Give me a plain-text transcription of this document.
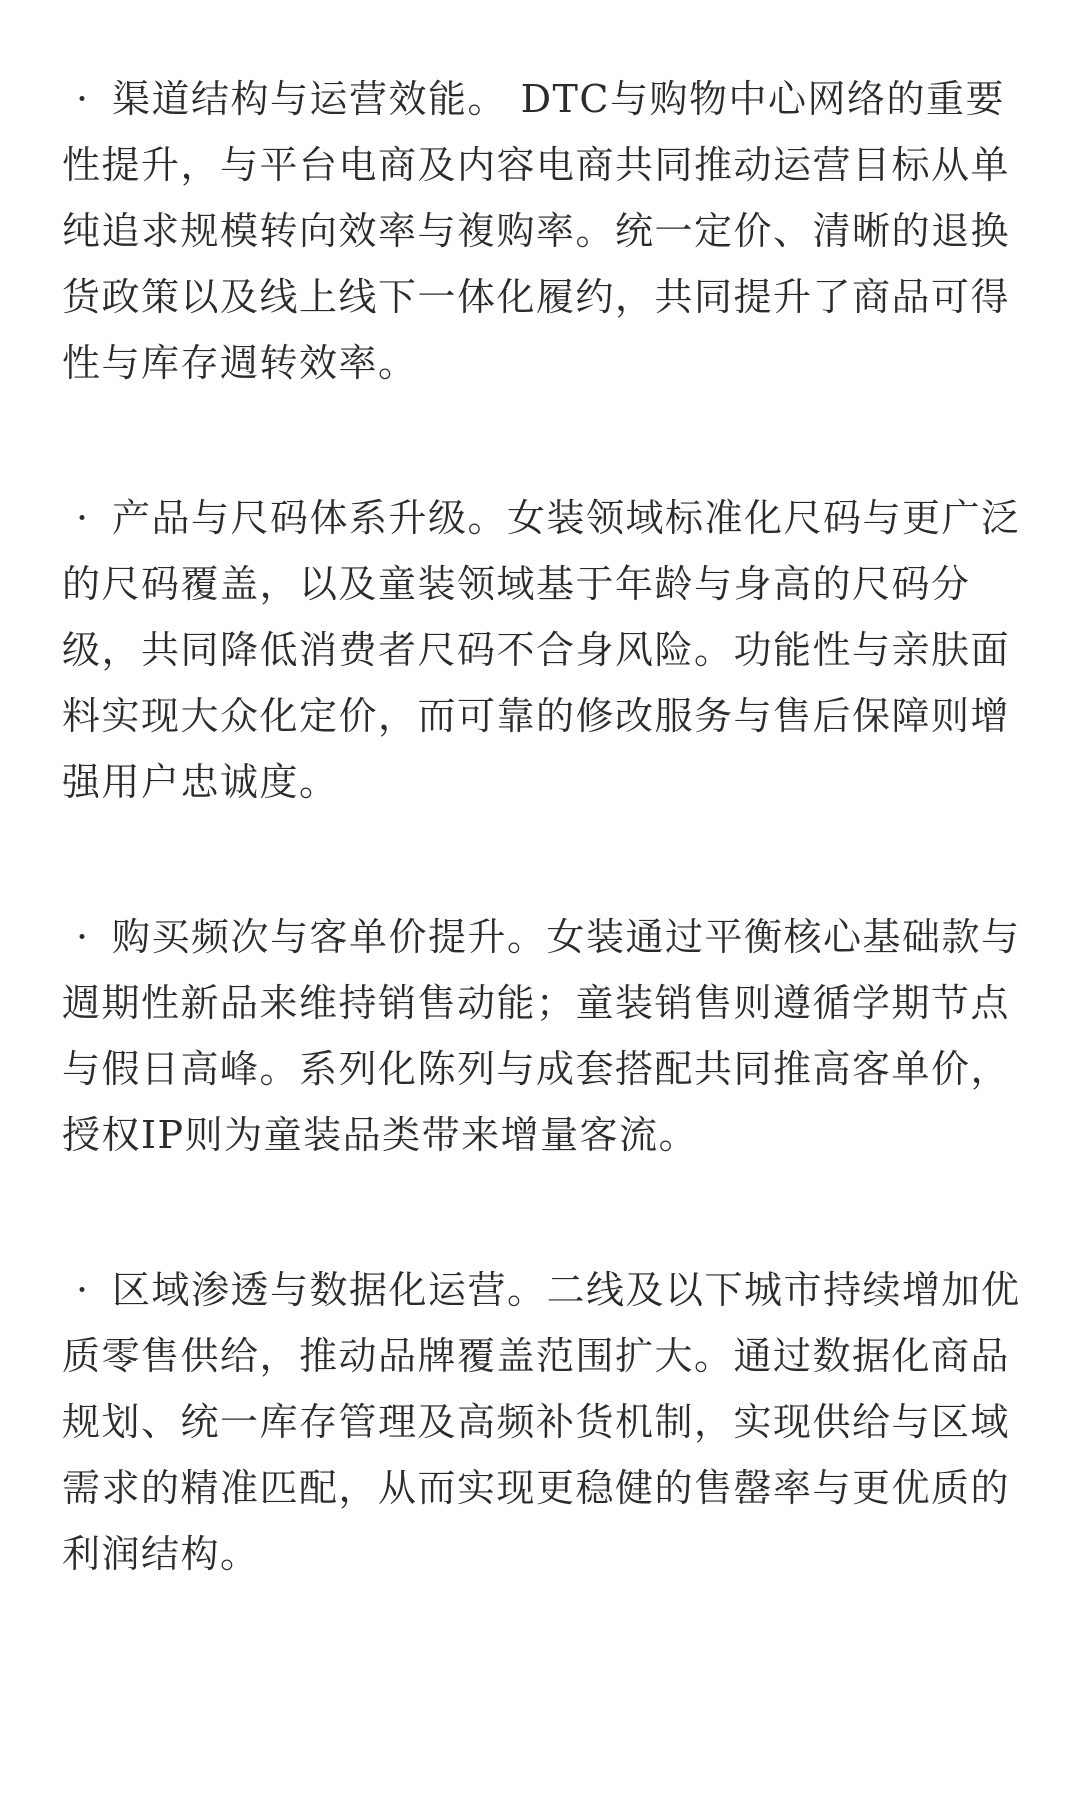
· 渠道结构与运营效能。 DTC与购物中心网络的重要性提升，与平台电商及内容电商共同推动运营目标从单纯追求规模转向效率与複购率。统一定价、清晰的退换货政策以及线上线下一体化履约，共同提升了商品可得性与库存週转效率。

· 产品与尺码体系升级。女装领域标准化尺码与更广泛的尺码覆盖，以及童装领域基于年龄与身高的尺码分级，共同降低消费者尺码不合身风险。功能性与亲肤面料实现大众化定价，而可靠的修改服务与售后保障则增强用户忠诚度。

· 购买频次与客单价提升。女装通过平衡核心基础款与週期性新品来维持销售动能；童装销售则遵循学期节点与假日高峰。系列化陈列与成套搭配共同推高客单价，授权IP则为童装品类带来增量客流。

· 区域渗透与数据化运营。二线及以下城市持续增加优质零售供给，推动品牌覆盖范围扩大。通过数据化商品规划、统一库存管理及高频补货机制，实现供给与区域需求的精准匹配，从而实现更稳健的售罄率与更优质的利润结构。
